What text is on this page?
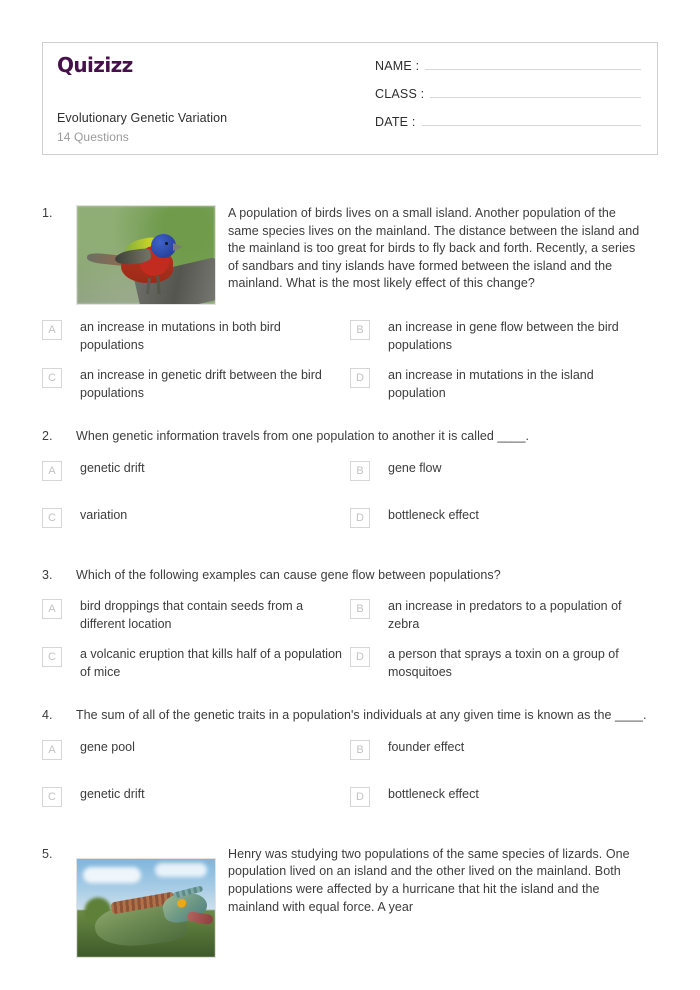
Quizizz
Evolutionary Genetic Variation
14 Questions
NAME :
CLASS :
DATE :
1.	A population of birds lives on a small island. Another population of the same species lives on the mainland. The distance between the island and the mainland is too great for birds to fly back and forth. Recently, a series of sandbars and tiny islands have formed between the island and the mainland. What is the most likely effect of this change?
A	an increase in mutations in both bird populations
B	an increase in gene flow between the bird populations
C	an increase in genetic drift between the bird populations
D	an increase in mutations in the island population
2.	When genetic information travels from one population to another it is called ____.
A	genetic drift	B	gene flow
C	variation	D	bottleneck effect
3.	Which of the following examples can cause gene flow between populations?
A	bird droppings that contain seeds from a different location
B	an increase in predators to a population of zebra
C	a volcanic eruption that kills half of a population of mice
D	a person that sprays a toxin on a group of mosquitoes
4.	The sum of all of the genetic traits in a population's individuals at any given time is known as the ____.
A	gene pool	B	founder effect
C	genetic drift	D	bottleneck effect
5.	Henry was studying two populations of the same species of lizards. One population lived on an island and the other lived on the mainland. Both populations were affected by a hurricane that hit the island and the mainland with equal force. A year
